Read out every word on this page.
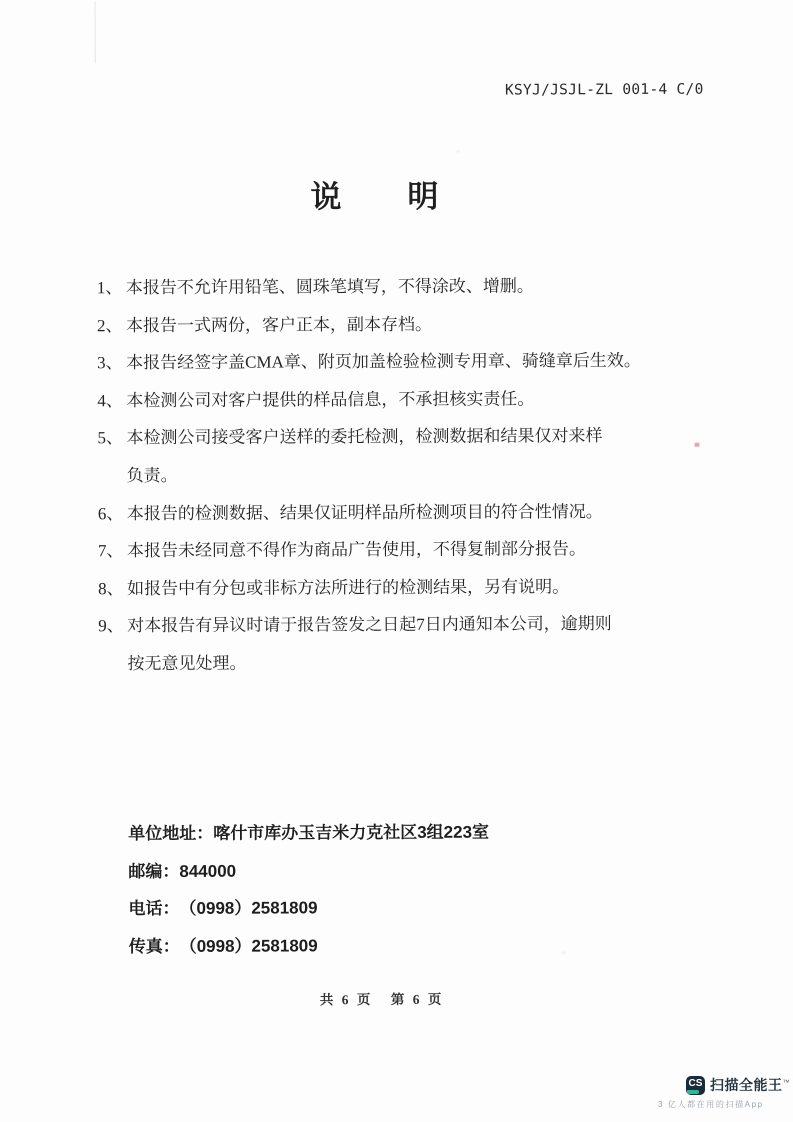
KSYJ/JSJL-ZL 001-4 C/0
说 明
1、 本报告不允许用铅笔、圆珠笔填写，不得涂改、增删。
2、 本报告一式两份，客户正本，副本存档。
3、 本报告经签字盖CMA章、附页加盖检验检测专用章、骑缝章后生效。
4、 本检测公司对客户提供的样品信息，不承担核实责任。
5、 本检测公司接受客户送样的委托检测，检测数据和结果仅对来样
负责。
6、 本报告的检测数据、结果仅证明样品所检测项目的符合性情况。
7、 本报告未经同意不得作为商品广告使用，不得复制部分报告。
8、 如报告中有分包或非标方法所进行的检测结果，另有说明。
9、 对本报告有异议时请于报告签发之日起7日内通知本公司，逾期则
按无意见处理。
单位地址： 喀什市库办玉吉米力克社区3组223室
邮编： 844000
电话： （0998）2581809
传真： （0998）2581809
共 6 页 第 6 页
CS 扫描全能王™
3 亿人都在用的扫描App
